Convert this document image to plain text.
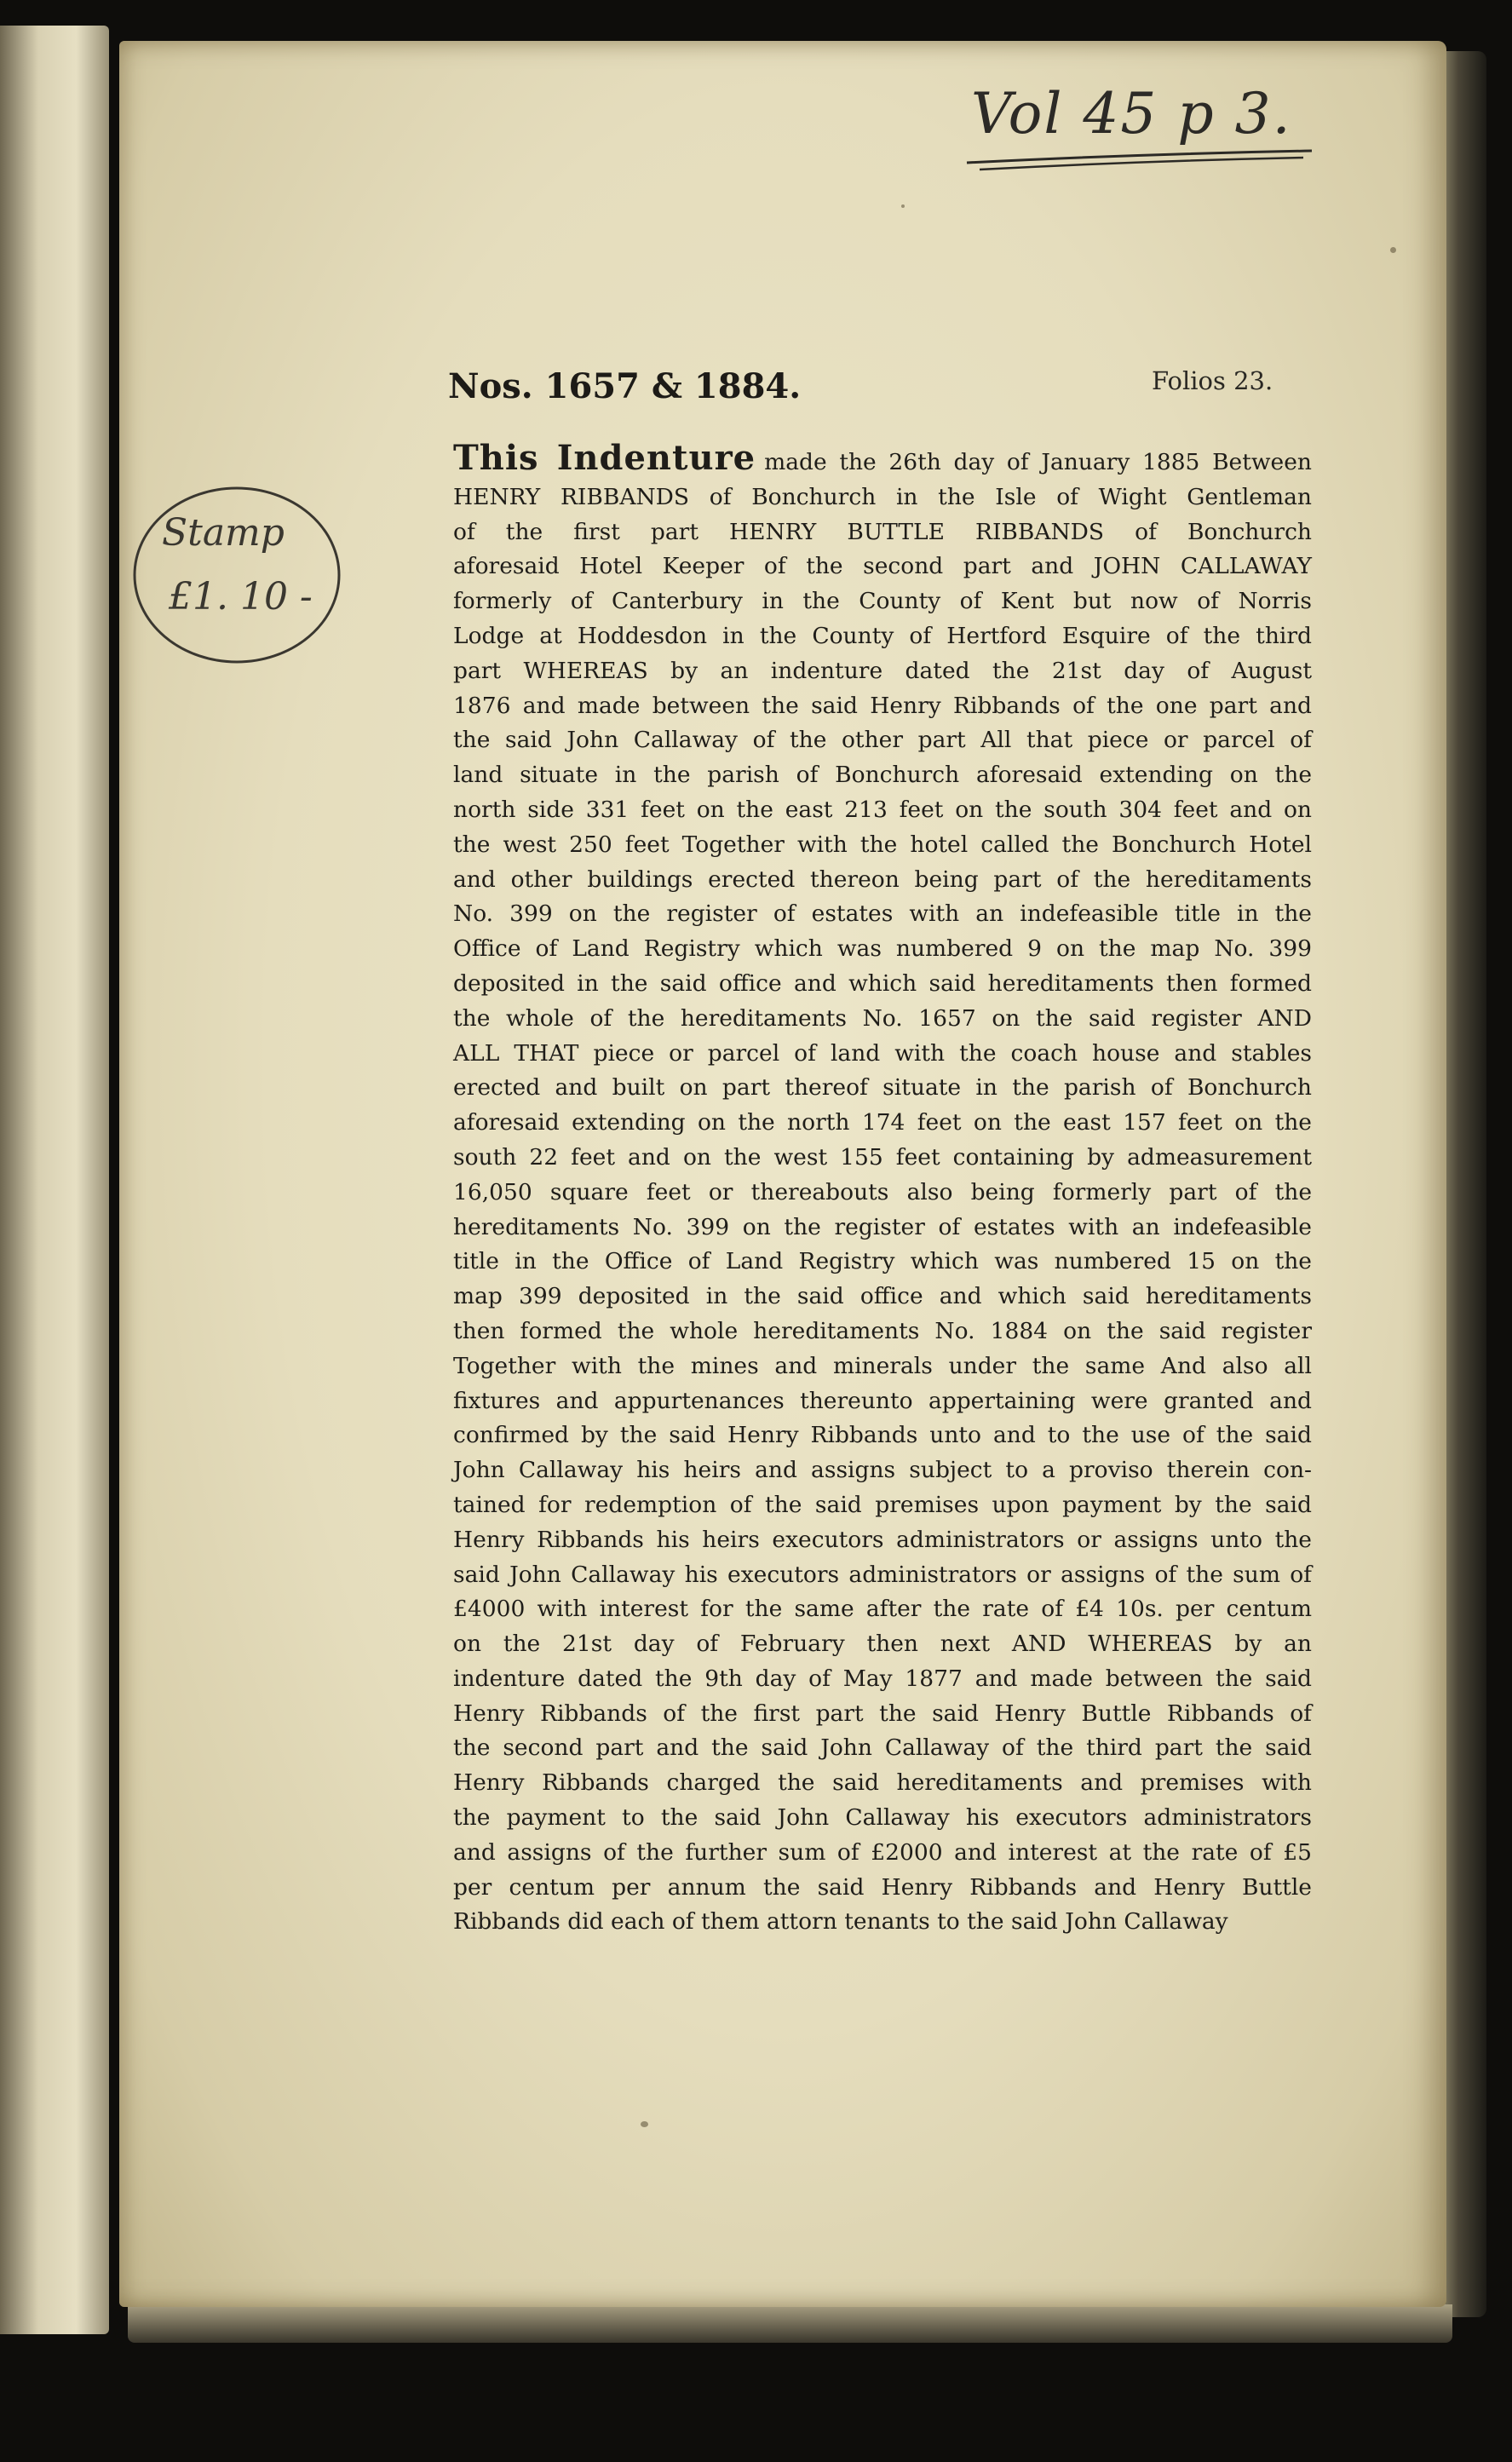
Vol 45 p 3.
Nos. 1657 & 1884.	Folios 23.
Stamp
£1. 10 -
This Indenture made the 26th day of January 1885 Between
HENRY RIBBANDS of Bonchurch in the Isle of Wight Gentleman
of the first part HENRY BUTTLE RIBBANDS of Bonchurch
aforesaid Hotel Keeper of the second part and JOHN CALLAWAY
formerly of Canterbury in the County of Kent but now of Norris
Lodge at Hoddesdon in the County of Hertford Esquire of the third
part WHEREAS by an indenture dated the 21st day of August
1876 and made between the said Henry Ribbands of the one part and
the said John Callaway of the other part All that piece or parcel of
land situate in the parish of Bonchurch aforesaid extending on the
north side 331 feet on the east 213 feet on the south 304 feet and on
the west 250 feet Together with the hotel called the Bonchurch Hotel
and other buildings erected thereon being part of the hereditaments
No. 399 on the register of estates with an indefeasible title in the
Office of Land Registry which was numbered 9 on the map No. 399
deposited in the said office and which said hereditaments then formed
the whole of the hereditaments No. 1657 on the said register AND
ALL THAT piece or parcel of land with the coach house and stables
erected and built on part thereof situate in the parish of Bonchurch
aforesaid extending on the north 174 feet on the east 157 feet on the
south 22 feet and on the west 155 feet containing by admeasurement
16,050 square feet or thereabouts also being formerly part of the
hereditaments No. 399 on the register of estates with an indefeasible
title in the Office of Land Registry which was numbered 15 on the
map 399 deposited in the said office and which said hereditaments
then formed the whole hereditaments No. 1884 on the said register
Together with the mines and minerals under the same And also all
fixtures and appurtenances thereunto appertaining were granted and
confirmed by the said Henry Ribbands unto and to the use of the said
John Callaway his heirs and assigns subject to a proviso therein con-
tained for redemption of the said premises upon payment by the said
Henry Ribbands his heirs executors administrators or assigns unto the
said John Callaway his executors administrators or assigns of the sum of
£4000 with interest for the same after the rate of £4 10s. per centum
on the 21st day of February then next AND WHEREAS by an
indenture dated the 9th day of May 1877 and made between the said
Henry Ribbands of the first part the said Henry Buttle Ribbands of
the second part and the said John Callaway of the third part the said
Henry Ribbands charged the said hereditaments and premises with
the payment to the said John Callaway his executors administrators
and assigns of the further sum of £2000 and interest at the rate of £5
per centum per annum the said Henry Ribbands and Henry Buttle
Ribbands did each of them attorn tenants to the said John Callaway
